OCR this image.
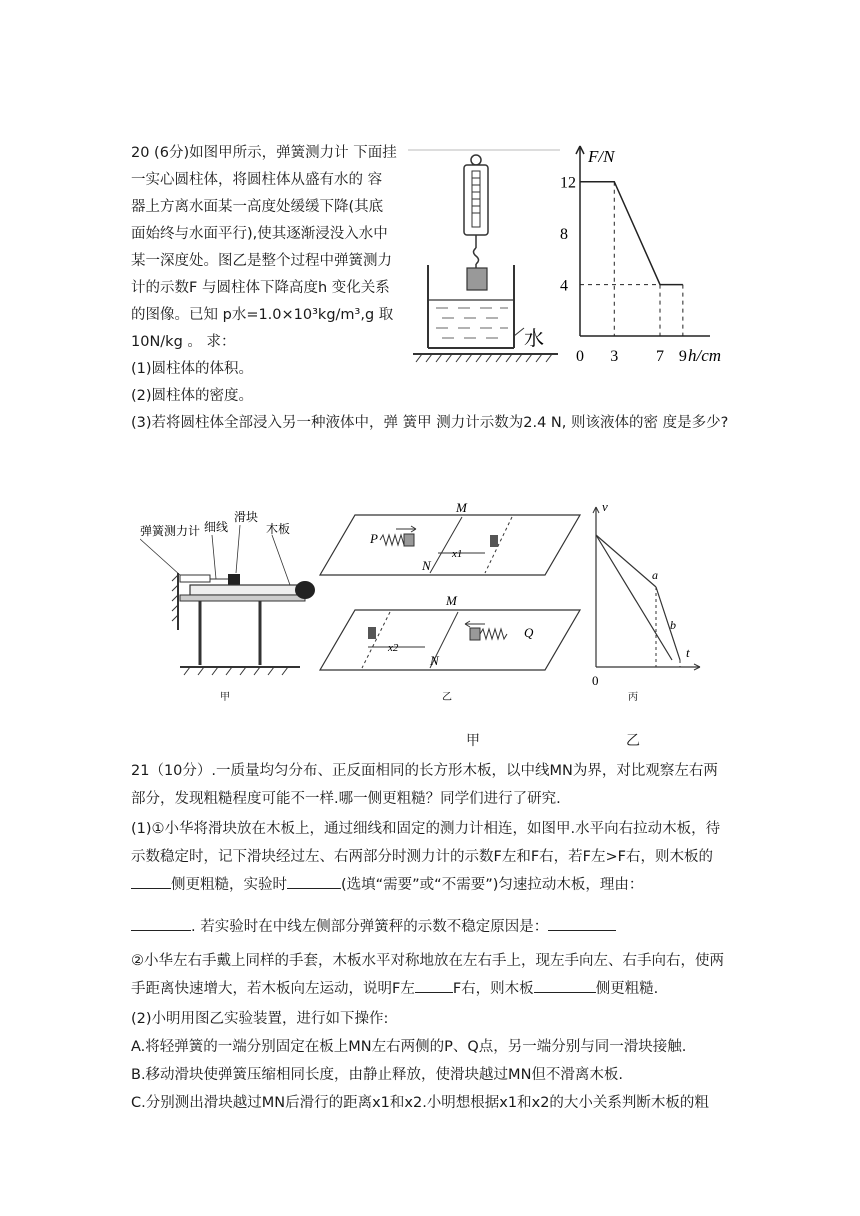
20 (6分)如图甲所示，弹簧测力计 下面挂

一实心圆柱体，将圆柱体从盛有水的 容

器上方离水面某一高度处缓缓下降(其底

面始终与水面平行),使其逐渐浸没入水中

某一深度处。图乙是整个过程中弹簧测力

计的示数F 与圆柱体下降高度h 变化关系

的图像。已知 p水=1.0×10³kg/m³,g 取

10N/kg 。 求：

(1)圆柱体的体积。

(2)圆柱体的密度。

(3)若将圆柱体全部浸入另一种液体中，弹 簧甲 测力计示数为2.4 N, 则该液体的密 度是多少?

水
F/N
h/cm
0 3 7 9
4
8
12
弹簧测力计 细线
滑块
木板
甲
M
N
P
x1
M
N
Q
x2
乙
v
t
0
a
b
丙
甲	乙

21（10分）.一质量均匀分布、正反面相同的长方形木板，以中线MN为界，对比观察左右两部分，发现粗糙程度可能不一样.哪一侧更粗糙？同学们进行了研究.

(1)①小华将滑块放在木板上，通过细线和固定的测力计相连，如图甲.水平向右拉动木板，待示数稳定时，记下滑块经过左、右两部分时测力计的示数F左和F右，若F左>F右，则木板的侧更粗糙，实验时	(选填“需要”或“不需要”)匀速拉动木板，理由：

. 若实验时在中线左侧部分弹簧秤的示数不稳定原因是：

②小华左右手戴上同样的手套，木板水平对称地放在左右手上，现左手向左、右手向右，使两手距离快速增大，若木板向左运动，说明F左	F右，则木板	侧更粗糙.

(2)小明用图乙实验装置，进行如下操作:

A.将轻弹簧的一端分别固定在板上MN左右两侧的P、Q点，另一端分别与同一滑块接触.

B.移动滑块使弹簧压缩相同长度，由静止释放，使滑块越过MN但不滑离木板.

C.分别测出滑块越过MN后滑行的距离x1和x2.小明想根据x1和x2的大小关系判断木板的粗
